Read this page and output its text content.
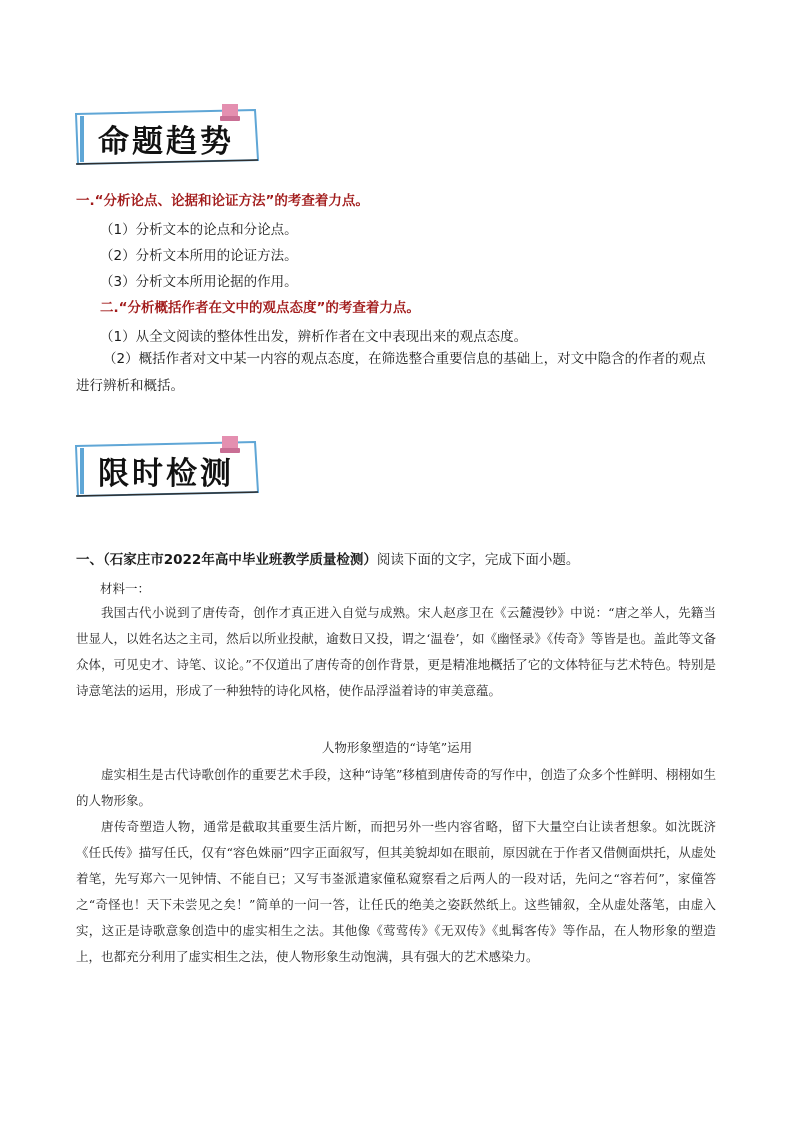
命题趋势
一.“分析论点、论据和论证方法”的考查着力点。
（1）分析文本的论点和分论点。
（2）分析文本所用的论证方法。
（3）分析文本所用论据的作用。
二.“分析概括作者在文中的观点态度”的考查着力点。
（1）从全文阅读的整体性出发，辨析作者在文中表现出来的观点态度。

（2）概括作者对文中某一内容的观点态度，在筛选整合重要信息的基础上，对文中隐含的作者的观点进行辨析和概括。

限时检测
一、（石家庄市2022年高中毕业班教学质量检测）阅读下面的文字，完成下面小题。
材料一：

我国古代小说到了唐传奇，创作才真正进入自觉与成熟。宋人赵彦卫在《云麓漫钞》中说：“唐之举人，先籍当世显人，以姓名达之主司，然后以所业投献，逾数日又投，谓之‘温卷’，如《幽怪录》《传奇》等皆是也。盖此等文备众体，可见史才、诗笔、议论。”不仅道出了唐传奇的创作背景，更是精准地概括了它的文体特征与艺术特色。特别是诗意笔法的运用，形成了一种独特的诗化风格，使作品浮溢着诗的审美意蕴。

人物形象塑造的“诗笔”运用

虚实相生是古代诗歌创作的重要艺术手段，这种“诗笔”移植到唐传奇的写作中，创造了众多个性鲜明、栩栩如生的人物形象。

唐传奇塑造人物，通常是截取其重要生活片断，而把另外一些内容省略，留下大量空白让读者想象。如沈既济《任氏传》描写任氏，仅有“容色姝丽”四字正面叙写，但其美貌却如在眼前，原因就在于作者又借侧面烘托，从虚处着笔，先写郑六一见钟情、不能自已；又写韦崟派遣家僮私窥察看之后两人的一段对话，先问之“容若何”，家僮答之“奇怪也！天下未尝见之矣！”简单的一问一答，让任氏的绝美之姿跃然纸上。这些铺叙，全从虚处落笔，由虚入实，这正是诗歌意象创造中的虚实相生之法。其他像《莺莺传》《无双传》《虬髯客传》等作品，在人物形象的塑造上，也都充分利用了虚实相生之法，使人物形象生动饱满，具有强大的艺术感染力。
